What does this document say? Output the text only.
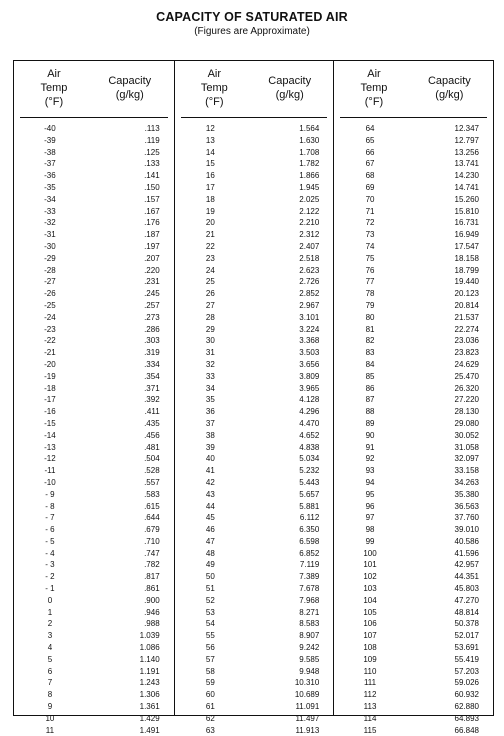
CAPACITY OF SATURATED AIR
(Figures are Approximate)
Air
Temp
(°F)
Capacity
(g/kg)
-40	.113
-39	.119
-38	.125
-37	.133
-36	.141
-35	.150
-34	.157
-33	.167
-32	.176
-31	.187
-30	.197
-29	.207
-28	.220
-27	.231
-26	.245
-25	.257
-24	.273
-23	.286
-22	.303
-21	.319
-20	.334
-19	.354
-18	.371
-17	.392
-16	.411
-15	.435
-14	.456
-13	.481
-12	.504
-11	.528
-10	.557
- 9	.583
- 8	.615
- 7	.644
- 6	.679
- 5	.710
- 4	.747
- 3	.782
- 2	.817
- 1	.861
0	.900
1	.946
2	.988
3	1.039
4	1.086
5	1.140
6	1.191
7	1.243
8	1.306
9	1.361
10	1.429
11	1.491
Air
Temp
(°F)
Capacity
(g/kg)
12	1.564
13	1.630
14	1.708
15	1.782
16	1.866
17	1.945
18	2.025
19	2.122
20	2.210
21	2.312
22	2.407
23	2.518
24	2.623
25	2.726
26	2.852
27	2.967
28	3.101
29	3.224
30	3.368
31	3.503
32	3.656
33	3.809
34	3.965
35	4.128
36	4.296
37	4.470
38	4.652
39	4.838
40	5.034
41	5.232
42	5.443
43	5.657
44	5.881
45	6.112
46	6.350
47	6.598
48	6.852
49	7.119
50	7.389
51	7.678
52	7.968
53	8.271
54	8.583
55	8.907
56	9.242
57	9.585
58	9.948
59	10.310
60	10.689
61	11.091
62	11.497
63	11.913
Air
Temp
(°F)
Capacity
(g/kg)
64	12.347
65	12.797
66	13.256
67	13.741
68	14.230
69	14.741
70	15.260
71	15.810
72	16.731
73	16.949
74	17.547
75	18.158
76	18.799
77	19.440
78	20.123
79	20.814
80	21.537
81	22.274
82	23.036
83	23.823
84	24.629
85	25.470
86	26.320
87	27.220
88	28.130
89	29.080
90	30.052
91	31.058
92	32.097
93	33.158
94	34.263
95	35.380
96	36.563
97	37.760
98	39.010
99	40.586
100	41.596
101	42.957
102	44.351
103	45.803
104	47.270
105	48.814
106	50.378
107	52.017
108	53.691
109	55.419
110	57.203
111	59.026
112	60.932
113	62.880
114	64.893
115	66.848
